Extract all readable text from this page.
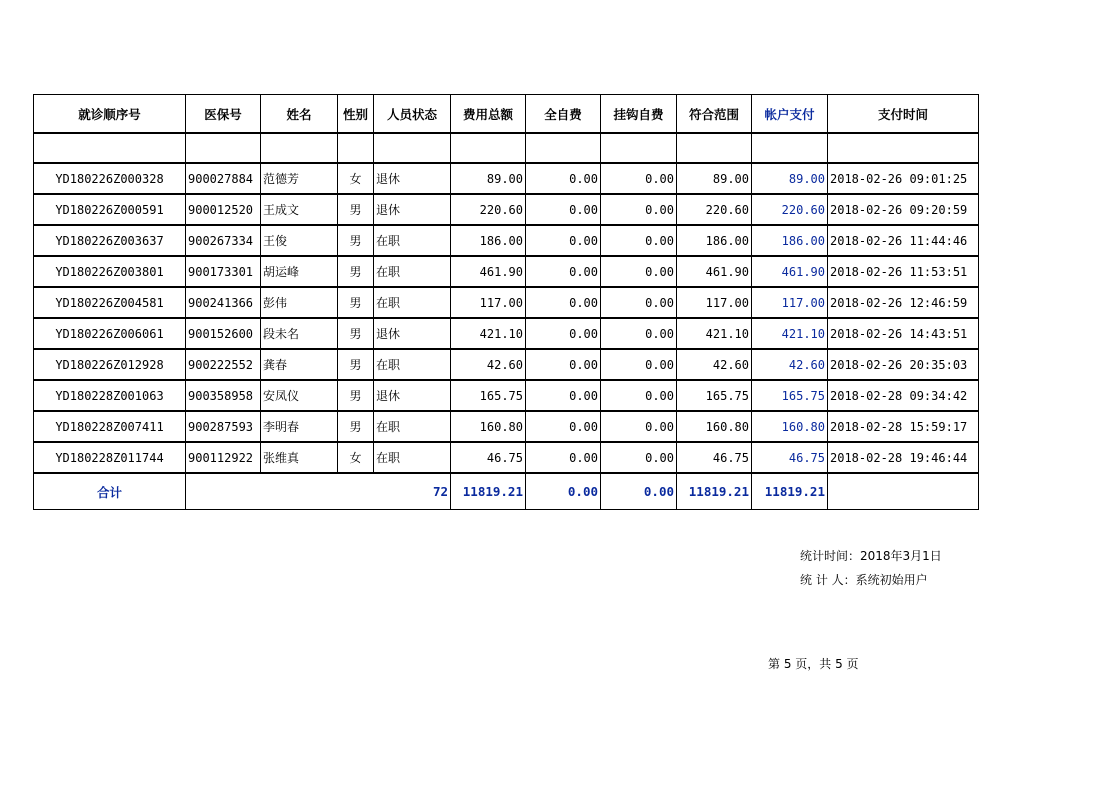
就诊顺序号	医保号	姓名	性别	人员状态	费用总额	全自费	挂钩自费	符合范围	帐户支付	支付时间

YD180226Z000328	900027884	范德芳	女	退休	89.00	0.00	0.00	89.00	89.00	2018-02-26 09:01:25
YD180226Z000591	900012520	王成文	男	退休	220.60	0.00	0.00	220.60	220.60	2018-02-26 09:20:59
YD180226Z003637	900267334	王俊	男	在职	186.00	0.00	0.00	186.00	186.00	2018-02-26 11:44:46
YD180226Z003801	900173301	胡运峰	男	在职	461.90	0.00	0.00	461.90	461.90	2018-02-26 11:53:51
YD180226Z004581	900241366	彭伟	男	在职	117.00	0.00	0.00	117.00	117.00	2018-02-26 12:46:59
YD180226Z006061	900152600	段未名	男	退休	421.10	0.00	0.00	421.10	421.10	2018-02-26 14:43:51
YD180226Z012928	900222552	龚春	男	在职	42.60	0.00	0.00	42.60	42.60	2018-02-26 20:35:03
YD180228Z001063	900358958	安凤仪	男	退休	165.75	0.00	0.00	165.75	165.75	2018-02-28 09:34:42
YD180228Z007411	900287593	李明春	男	在职	160.80	0.00	0.00	160.80	160.80	2018-02-28 15:59:17
YD180228Z011744	900112922	张维真	女	在职	46.75	0.00	0.00	46.75	46.75	2018-02-28 19:46:44
合计	72				11819.21	0.00	0.00	11819.21	11819.21	
统计时间：2018年3月1日
统 计 人：系统初始用户
第 5 页，共 5 页
